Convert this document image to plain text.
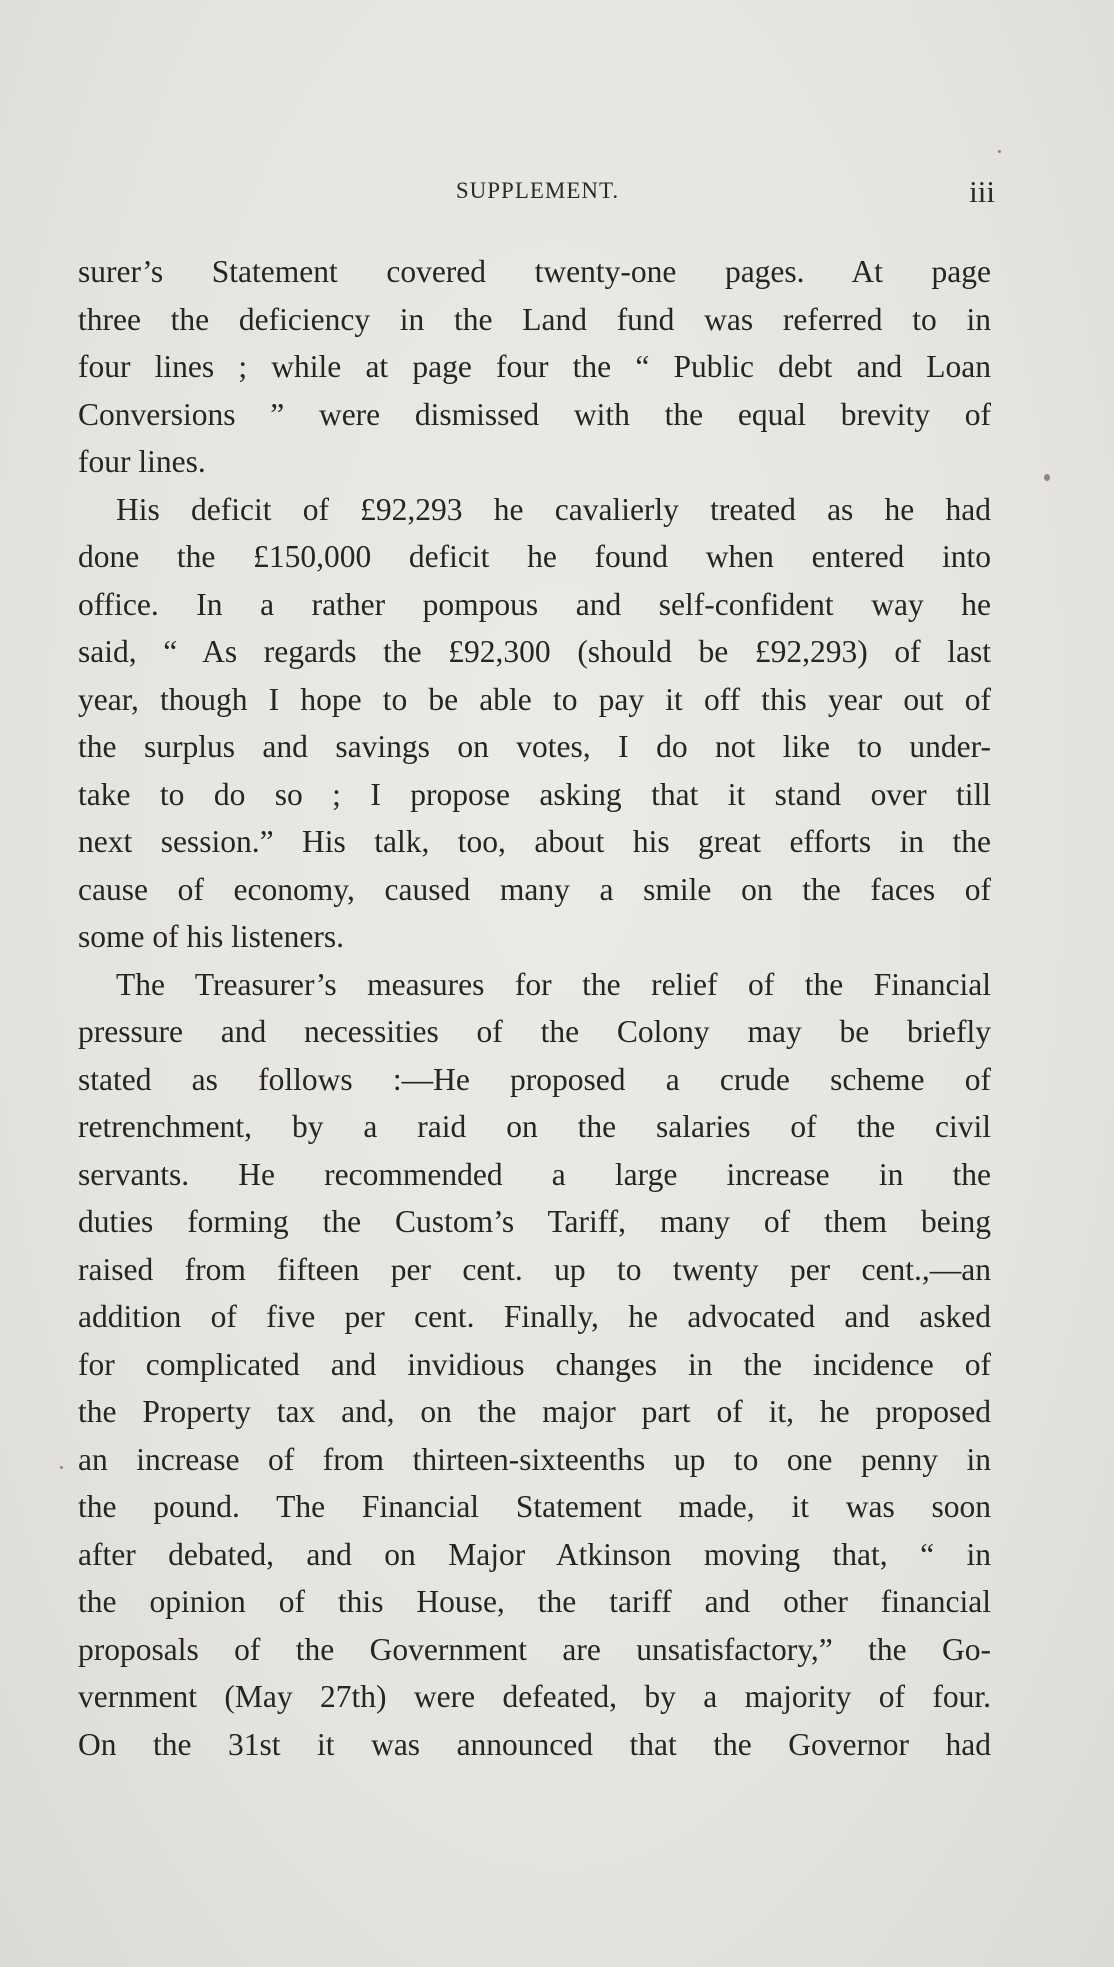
SUPPLEMENT.	iii
surer’s Statement covered twenty-one pages. At page
three the deficiency in the Land fund was referred to in
four lines ; while at page four the “ Public debt and Loan
Conversions ” were dismissed with the equal brevity of
four lines.
His deficit of £92,293 he cavalierly treated as he had
done the £150,000 deficit he found when entered into
office. In a rather pompous and self-confident way he
said, “ As regards the £92,300 (should be £92,293) of last
year, though I hope to be able to pay it off this year out of
the surplus and savings on votes, I do not like to under-
take to do so ; I propose asking that it stand over till
next session.” His talk, too, about his great efforts in the
cause of economy, caused many a smile on the faces of
some of his listeners.
The Treasurer’s measures for the relief of the Financial
pressure and necessities of the Colony may be briefly
stated as follows :—He proposed a crude scheme of
retrenchment, by a raid on the salaries of the civil
servants. He recommended a large increase in the
duties forming the Custom’s Tariff, many of them being
raised from fifteen per cent. up to twenty per cent.,—an
addition of five per cent. Finally, he advocated and asked
for complicated and invidious changes in the incidence of
the Property tax and, on the major part of it, he proposed
an increase of from thirteen-sixteenths up to one penny in
the pound. The Financial Statement made, it was soon
after debated, and on Major Atkinson moving that, “ in
the opinion of this House, the tariff and other financial
proposals of the Government are unsatisfactory,” the Go-
vernment (May 27th) were defeated, by a majority of four.
On the 31st it was announced that the Governor had
